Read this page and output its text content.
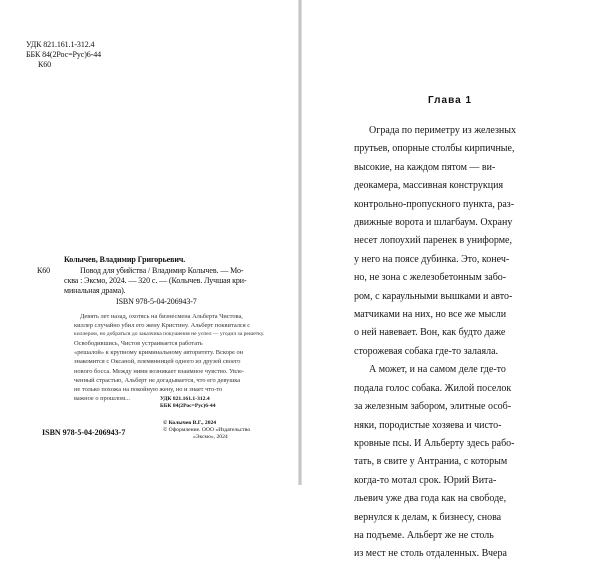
УДК 821.161.1-312.4
ББК 84(2Рос=Рус)6-44
К60
Колычев, Владимир Григорьевич.
К60	Повод для убийства / Владимир Колычев. — Мо-
сква : Эксмо, 2024. — 320 с. — (Колычев. Лучшая кри-
минальная драма).
ISBN 978-5-04-206943-7
Девять лет назад, охотясь на бизнесмена Альберта Чистова,
киллер случайно убил его жену Кристину. Альберт поквитался с
киллером, но добраться до заказчика покушения не успел — угодил за решетку.
Освободившись, Чистов устраивается работать
«решалой» к крупному криминальному авторитету. Вскоре он
знакомится с Оксаной, племянницей одного из друзей своего
нового босса. Между ними возникает взаимное чувство. Увле-
ченный страстью, Альберт не догадывается, что его девушка
не только похожа на покойную жену, но и знает что-то
важное о прошлом...	УДК 821.161.1-312.4
ББК 84(2Рос=Рус)6-44
ISBN 978-5-04-206943-7
© Колычев В.Г., 2024
© Оформление. ООО «Издательство
«Эксмо», 2024
Глава 1
Ограда по периметру из железных
прутьев, опорные столбы кирпичные,
высокие, на каждом пятом — ви-
деокамера, массивная конструкция
контрольно-пропускного пункта, раз-
движные ворота и шлагбаум. Охрану
несет лопоухий паренек в униформе,
у него на поясе дубинка. Это, конеч-
но, не зона с железобетонным забо-
ром, с караульными вышками и авто-
матчиками на них, но все же мысли
о ней навевает. Вон, как будто даже
сторожевая собака где-то залаяла.
А может, и на самом деле где-то
подала голос собака. Жилой поселок
за железным забором, элитные особ-
няки, породистые хозяева и чисто-
кровные псы. И Альберту здесь рабо-
тать, в свите у Антраниа, с которым
когда-то мотал срок. Юрий Вита-
льевич уже два года как на свободе,
вернулся к делам, к бизнесу, снова
на подъеме. Альберт же не столь
из мест не столь отдаленных. Вчера
